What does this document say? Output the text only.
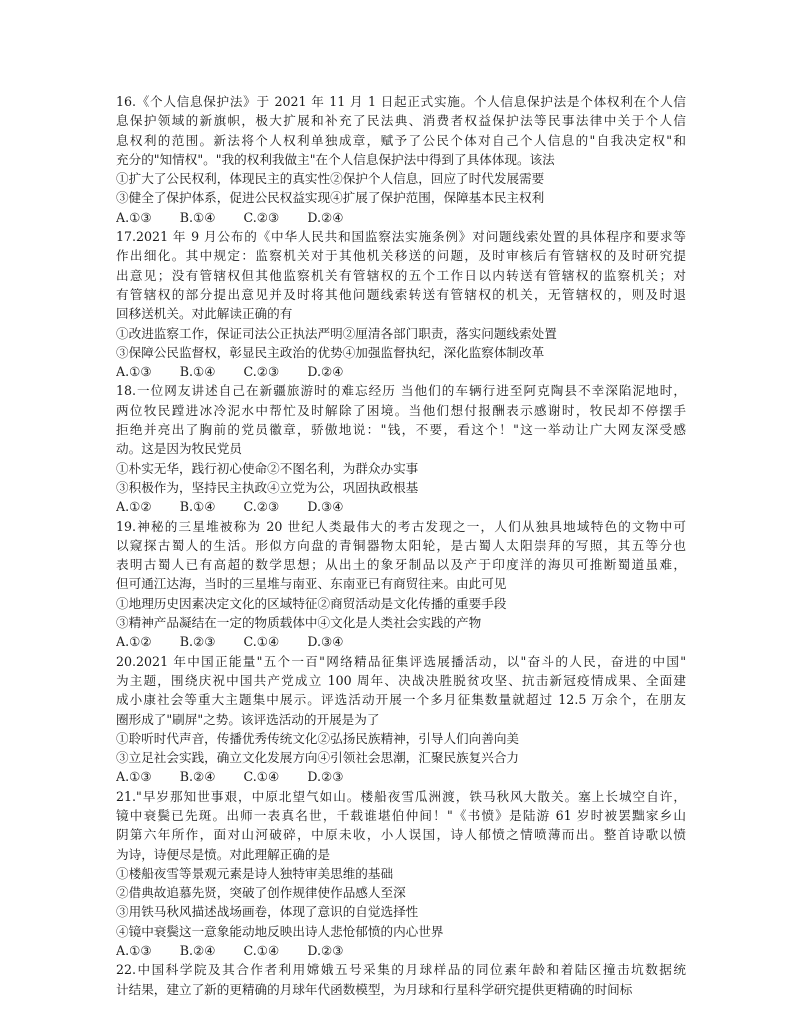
16.《个人信息保护法》于 2021 年 11 月 1 日起正式实施。个人信息保护法是个体权利在个人信
息保护领域的新旗帜，极大扩展和补充了民法典、消费者权益保护法等民事法律中关于个人信
息权利的范围。新法将个人权利单独成章，赋予了公民个体对自己个人信息的"自我决定权"和
充分的"知情权"。"我的权利我做主"在个人信息保护法中得到了具体体现。该法
①扩大了公民权利，体现民主的真实性②保护个人信息，回应了时代发展需要
③健全了保护体系，促进公民权益实现④扩展了保护范围，保障基本民主权利
A.①③ B.①④ C.②③ D.②④
17.2021 年 9 月公布的《中华人民共和国监察法实施条例》对问题线索处置的具体程序和要求等
作出细化。其中规定：监察机关对于其他机关移送的问题，及时审核后有管辖权的及时研究提
出意见；没有管辖权但其他监察机关有管辖权的五个工作日以内转送有管辖权的监察机关；对
有管辖权的部分提出意见并及时将其他问题线索转送有管辖权的机关，无管辖权的，则及时退
回移送机关。对此解读正确的有
①改进监察工作，保证司法公正执法严明②厘清各部门职责，落实问题线索处置
③保障公民监督权，彰显民主政治的优势④加强监督执纪，深化监察体制改革
A.①③ B.①④ C.②③ D.②④
18.一位网友讲述自己在新疆旅游时的难忘经历 当他们的车辆行进至阿克陶县不幸深陷泥地时，
两位牧民蹚进冰冷泥水中帮忙及时解除了困境。当他们想付报酬表示感谢时，牧民却不停摆手
拒绝并亮出了胸前的党员徽章，骄傲地说："钱，不要，看这个！"这一举动让广大网友深受感
动。这是因为牧民党员
①朴实无华，践行初心使命②不图名利，为群众办实事
③积极作为，坚持民主执政④立党为公，巩固执政根基
A.①② B.①④ C.②③ D.③④
19.神秘的三星堆被称为 20 世纪人类最伟大的考古发现之一，人们从独具地域特色的文物中可
以窥探古蜀人的生活。形似方向盘的青铜器物太阳轮，是古蜀人太阳崇拜的写照，其五等分也
表明古蜀人已有高超的数学思想；从出土的象牙制品以及产于印度洋的海贝可推断蜀道虽难，
但可通江达海，当时的三星堆与南亚、东南亚已有商贸往来。由此可见
①地理历史因素决定文化的区域特征②商贸活动是文化传播的重要手段
③精神产品凝结在一定的物质载体中④文化是人类社会实践的产物
A.①② B.②③ C.①④ D.③④
20.2021 年中国正能量"五个一百"网络精品征集评选展播活动，以"奋斗的人民，奋进的中国"
为主题，围绕庆祝中国共产党成立 100 周年、决战决胜脱贫攻坚、抗击新冠疫情成果、全面建
成小康社会等重大主题集中展示。评选活动开展一个多月征集数量就超过 12.5 万余个，在朋友
圈形成了"刷屏"之势。该评选活动的开展是为了
①聆听时代声音，传播优秀传统文化②弘扬民族精神，引导人们向善向美
③立足社会实践，确立文化发展方向④引领社会思潮，汇聚民族复兴合力
A.①③ B.②④ C.①④ D.②③
21."早岁那知世事艰，中原北望气如山。楼船夜雪瓜洲渡，铁马秋风大散关。塞上长城空自许，
镜中衰鬓已先斑。出师一表真名世，千载谁堪伯仲间！"《书愤》是陆游 61 岁时被罢黜家乡山
阴第六年所作，面对山河破碎，中原未收，小人误国，诗人郁愤之情喷薄而出。整首诗歌以愤
为诗，诗便尽是愤。对此理解正确的是
①楼船夜雪等景观元素是诗人独特审美思维的基础
②借典故追慕先贤，突破了创作规律使作品感人至深
③用铁马秋风描述战场画卷，体现了意识的自觉选择性
④镜中衰鬓这一意象能动地反映出诗人悲怆郁愤的内心世界
A.①③ B.②④ C.①④ D.②③
22.中国科学院及其合作者利用嫦娥五号采集的月球样品的同位素年龄和着陆区撞击坑数据统
计结果，建立了新的更精确的月球年代函数模型，为月球和行星科学研究提供更精确的时间标
